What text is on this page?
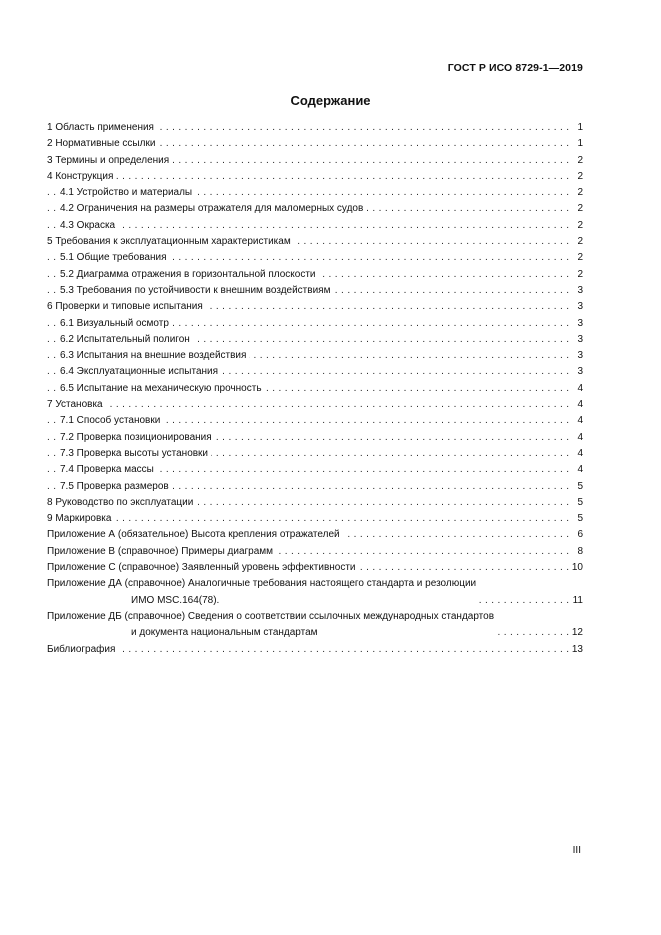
ГОСТ Р ИСО 8729-1—2019
Содержание
1 Область применения . . .	1
2 Нормативные ссылки . . .	1
3 Термины и определения . . .	2
4 Конструкция . . .	2
4.1 Устройство и материалы . . .	2
4.2 Ограничения на размеры отражателя для маломерных судов . . .	2
4.3 Окраска . . .	2
5 Требования к эксплуатационным характеристикам . . .	2
5.1 Общие требования . . .	2
5.2 Диаграмма отражения в горизонтальной плоскости . . .	2
5.3 Требования по устойчивости к внешним воздействиям . . .	3
6 Проверки и типовые испытания . . .	3
6.1 Визуальный осмотр . . .	3
6.2 Испытательный полигон . . .	3
6.3 Испытания на внешние воздействия . . .	3
6.4 Эксплуатационные испытания . . .	3
6.5 Испытание на механическую прочность . . .	4
7 Установка . . .	4
7.1 Способ установки . . .	4
7.2 Проверка позиционирования . . .	4
7.3 Проверка высоты установки . . .	4
7.4 Проверка массы . . .	4
7.5 Проверка размеров . . .	5
8 Руководство по эксплуатации . . .	5
9 Маркировка . . .	5
Приложение А (обязательное) Высота крепления отражателей . . .	6
Приложение В (справочное) Примеры диаграмм . . .	8
Приложение С (справочное) Заявленный уровень эффективности . . .	10
Приложение ДА (справочное) Аналогичные требования настоящего стандарта и резолюции
ИМО MSC.164(78). . . .	11
Приложение ДБ (справочное) Сведения о соответствии ссылочных международных стандартов
и документа национальным стандартам . . .	12
Библиография . . .	13
III
